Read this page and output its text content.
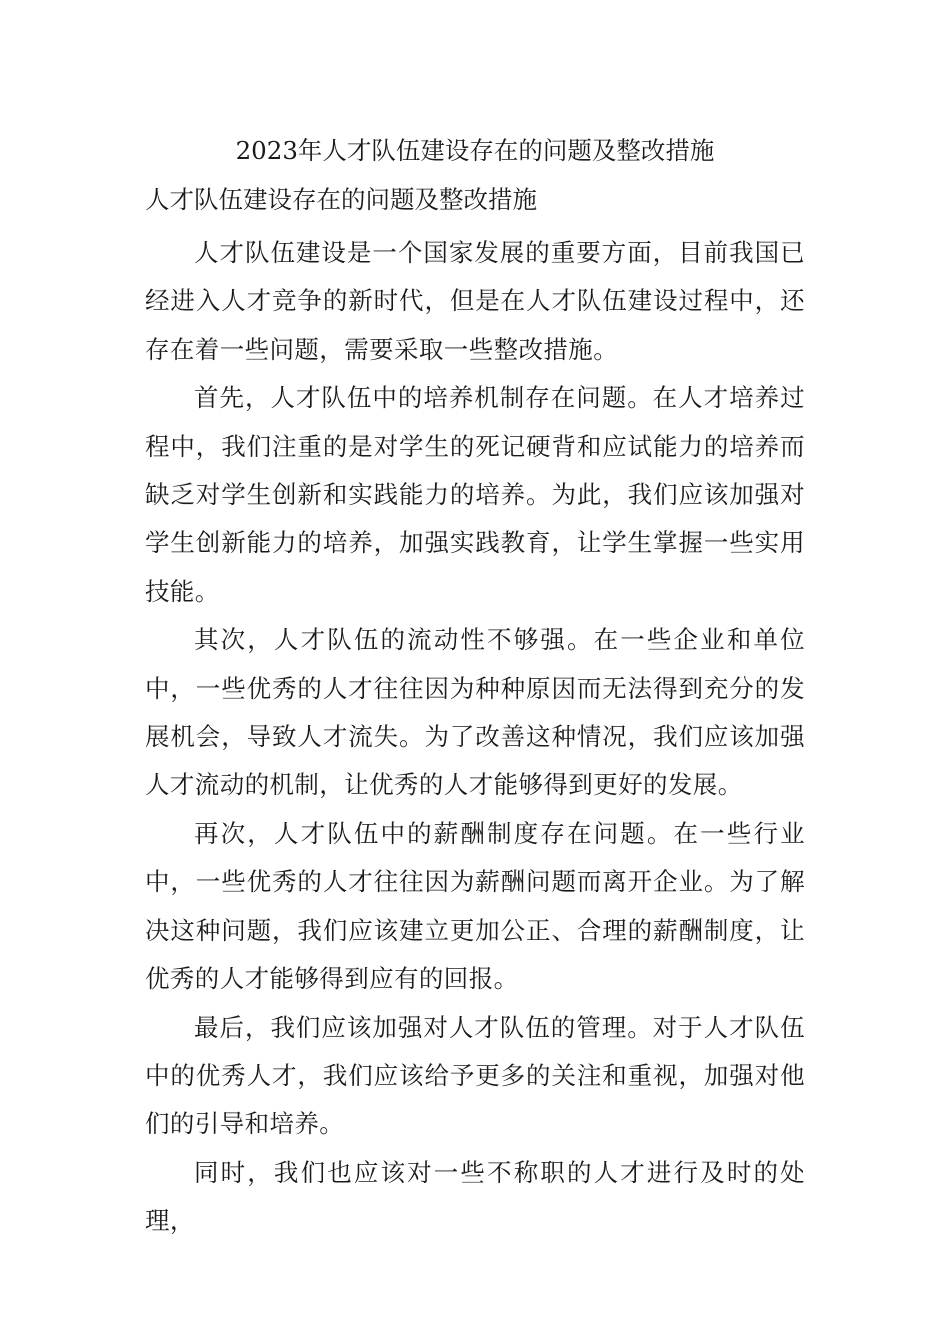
2023年人才队伍建设存在的问题及整改措施
人才队伍建设存在的问题及整改措施

人才队伍建设是一个国家发展的重要方面，目前我国已经进入人才竞争的新时代，但是在人才队伍建设过程中，还存在着一些问题，需要采取一些整改措施。

首先，人才队伍中的培养机制存在问题。在人才培养过程中，我们注重的是对学生的死记硬背和应试能力的培养而缺乏对学生创新和实践能力的培养。为此，我们应该加强对学生创新能力的培养，加强实践教育，让学生掌握一些实用技能。

其次，人才队伍的流动性不够强。在一些企业和单位中，一些优秀的人才往往因为种种原因而无法得到充分的发展机会，导致人才流失。为了改善这种情况，我们应该加强人才流动的机制，让优秀的人才能够得到更好的发展。

再次，人才队伍中的薪酬制度存在问题。在一些行业中，一些优秀的人才往往因为薪酬问题而离开企业。为了解决这种问题，我们应该建立更加公正、合理的薪酬制度，让优秀的人才能够得到应有的回报。

最后，我们应该加强对人才队伍的管理。对于人才队伍中的优秀人才，我们应该给予更多的关注和重视，加强对他们的引导和培养。

同时，我们也应该对一些不称职的人才进行及时的处理，
